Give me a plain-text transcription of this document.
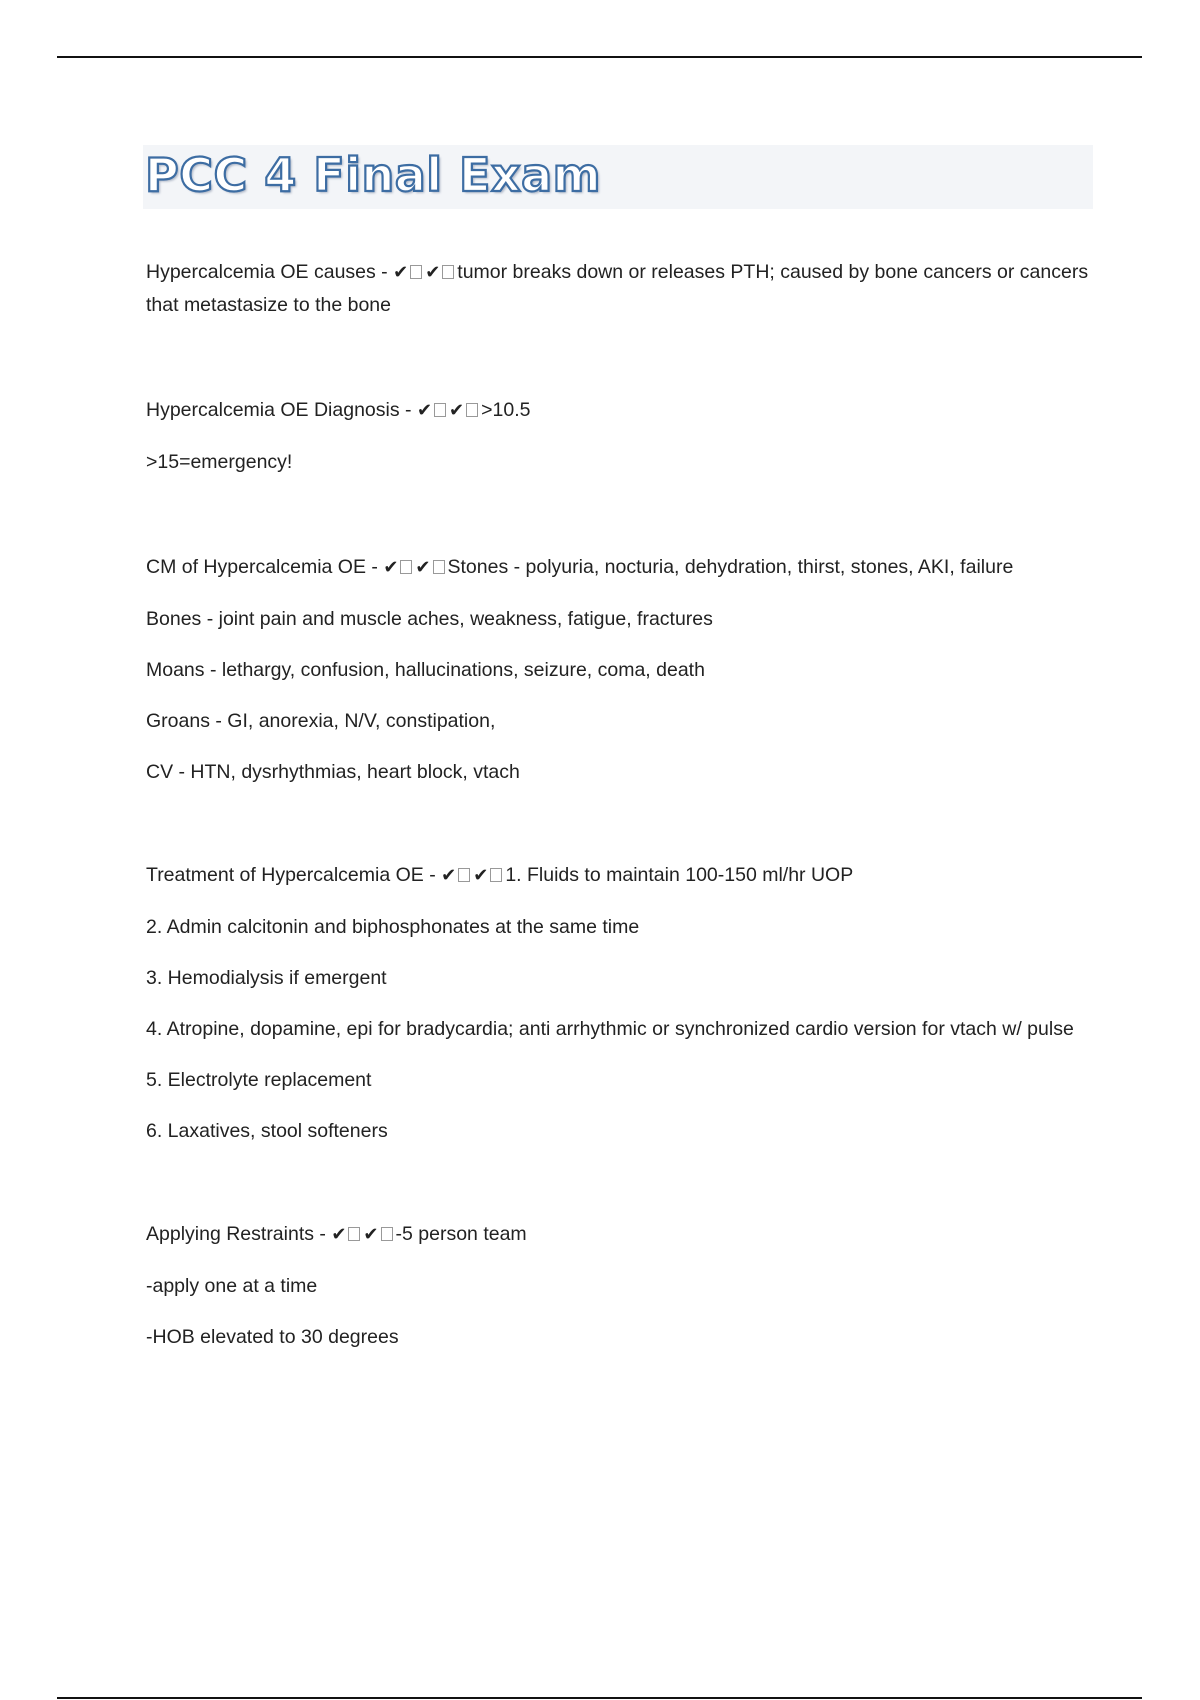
PCC 4 Final Exam
Hypercalcemia OE causes - ✔ ✔ tumor breaks down or releases PTH; caused by bone cancers or cancers that metastasize to the bone
Hypercalcemia OE Diagnosis - ✔ ✔ >10.5
>15=emergency!
CM of Hypercalcemia OE - ✔ ✔ Stones - polyuria, nocturia, dehydration, thirst, stones, AKI, failure
Bones - joint pain and muscle aches, weakness, fatigue, fractures
Moans - lethargy, confusion, hallucinations, seizure, coma, death
Groans - GI, anorexia, N/V, constipation,
CV - HTN, dysrhythmias, heart block, vtach
Treatment of Hypercalcemia OE - ✔ ✔ 1. Fluids to maintain 100-150 ml/hr UOP
2. Admin calcitonin and biphosphonates at the same time
3. Hemodialysis if emergent
4. Atropine, dopamine, epi for bradycardia; anti arrhythmic or synchronized cardio version for vtach w/ pulse
5. Electrolyte replacement
6. Laxatives, stool softeners
Applying Restraints - ✔ ✔ -5 person team
-apply one at a time
-HOB elevated to 30 degrees
